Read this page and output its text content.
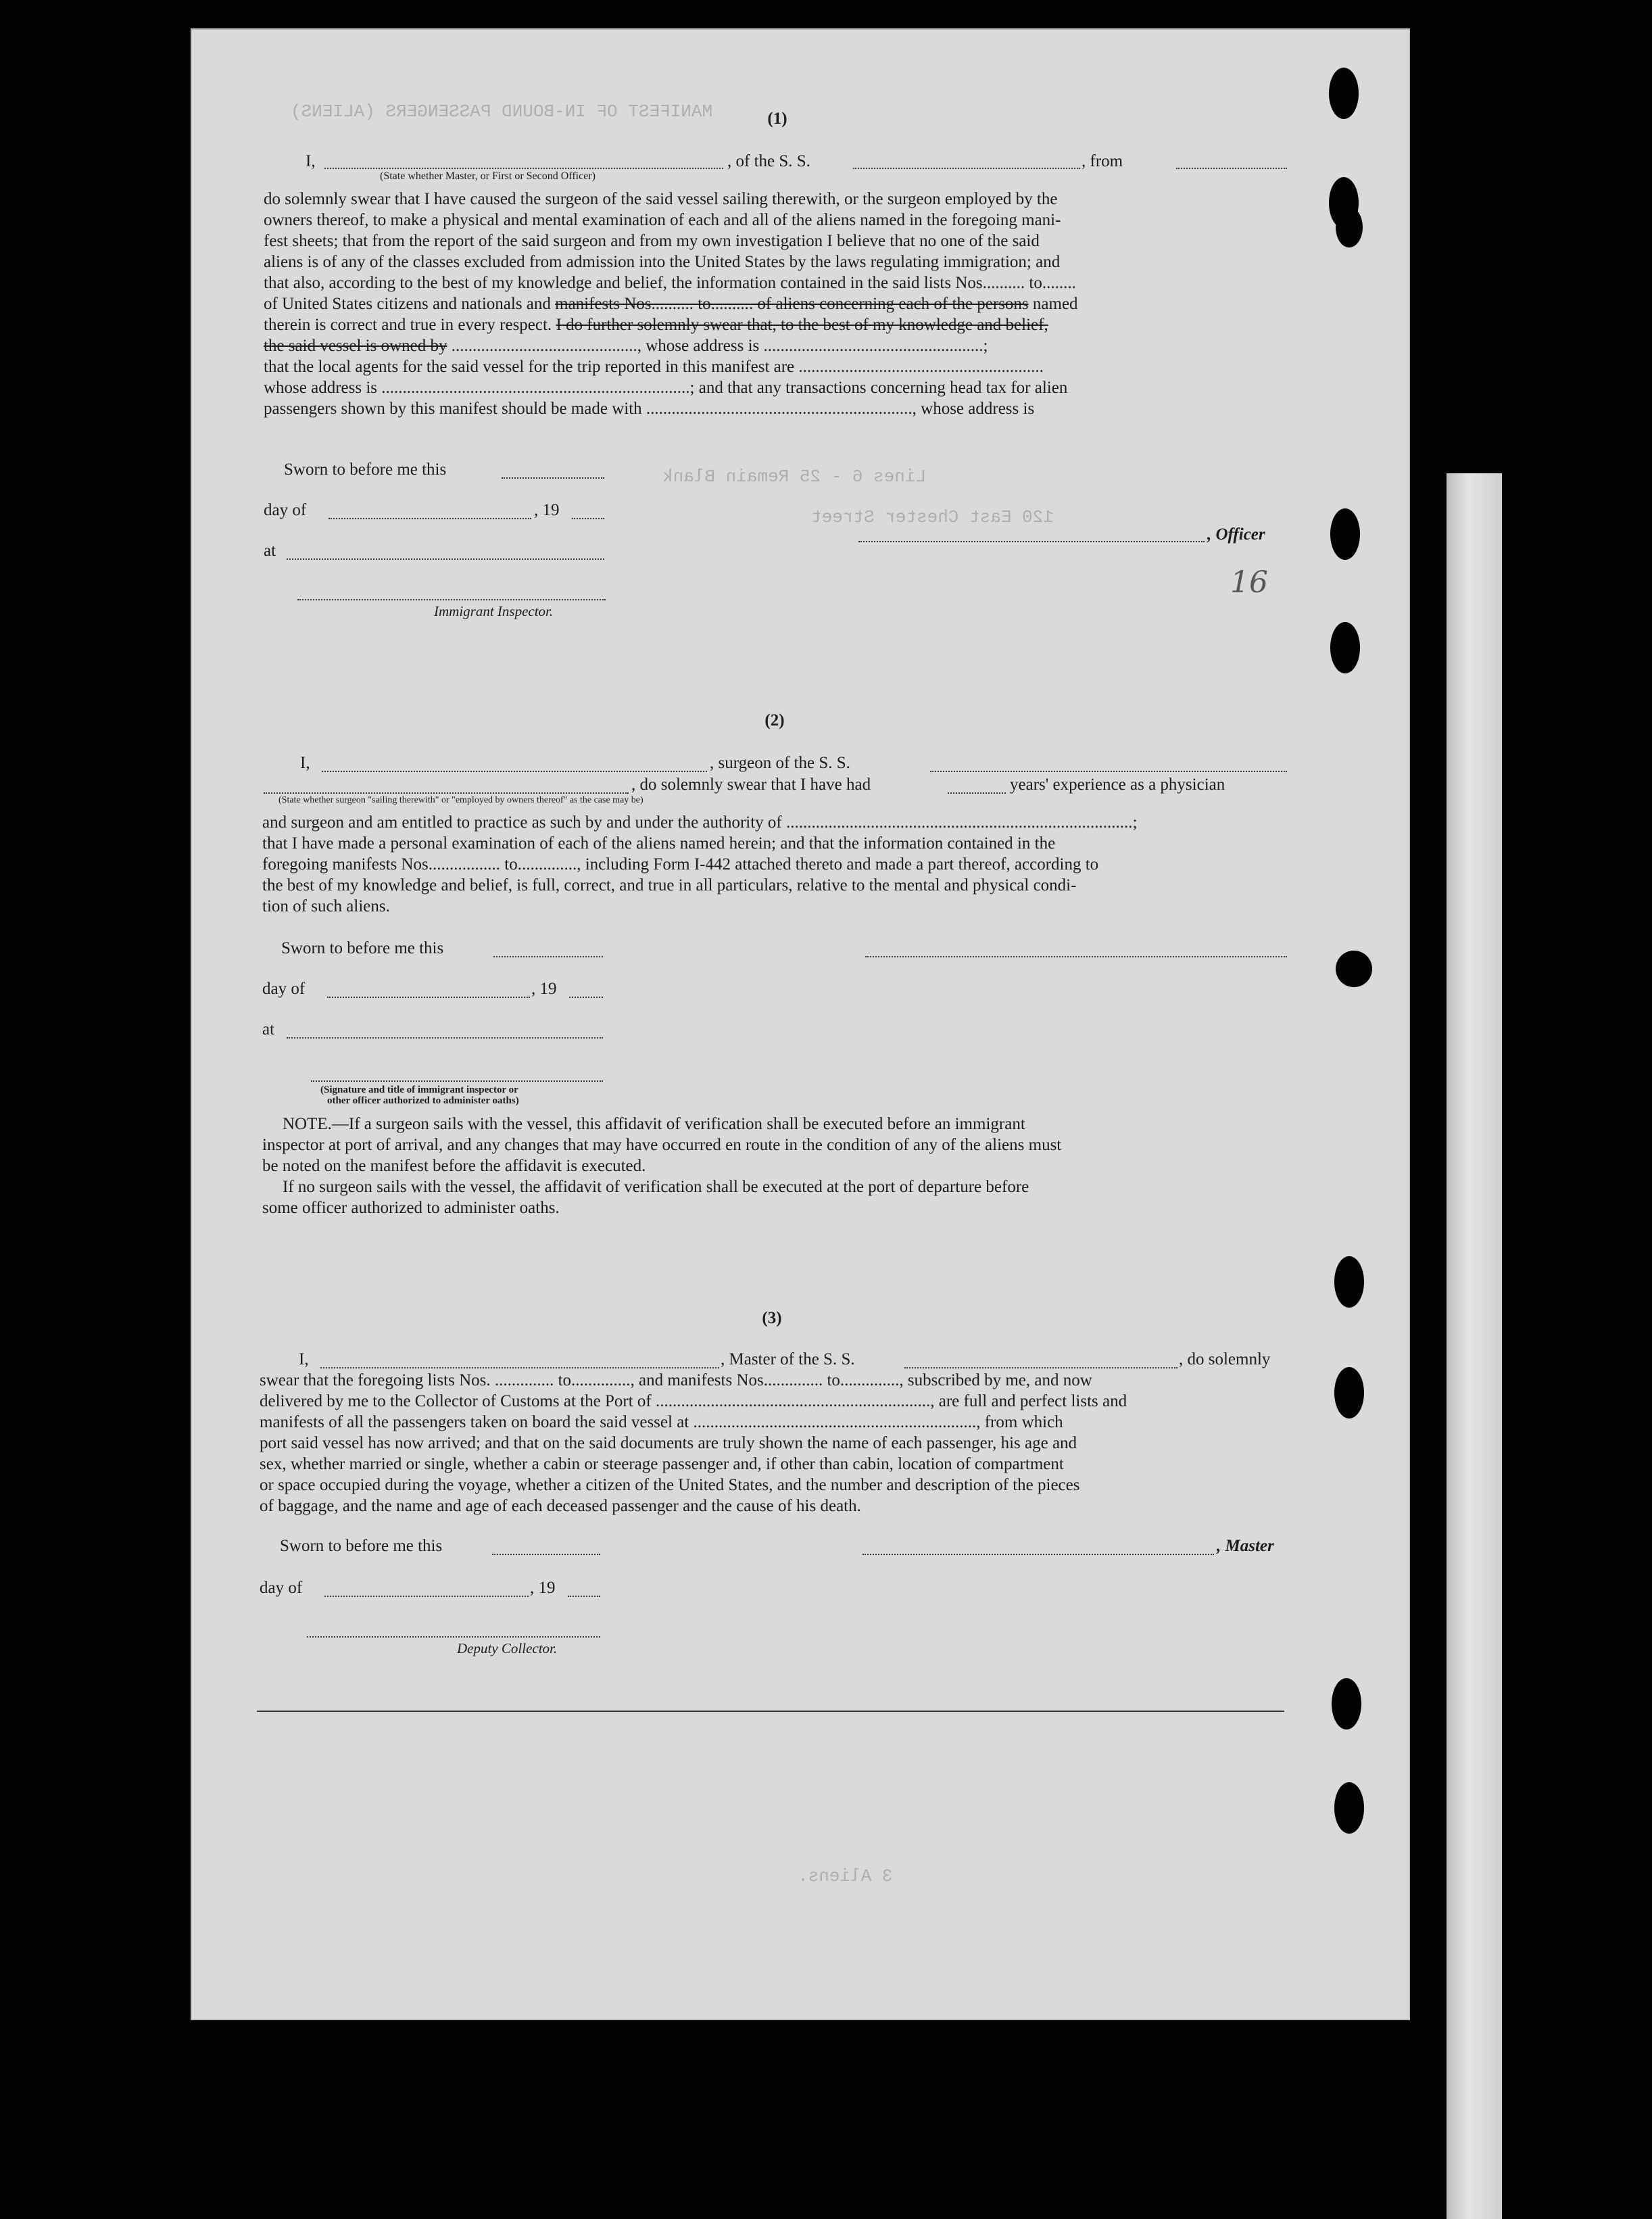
MANIFEST OF IN-BOUND PASSENGERS (ALIENS)
Lines 6 - 25 Remain Blank
120 East Chester Street
3 Aliens.
(1)
I,	, of the S. S.	, from
(State whether Master, or First or Second Officer)
do solemnly swear that I have caused the surgeon of the said vessel sailing therewith, or the surgeon employed by the
owners thereof, to make a physical and mental examination of each and all of the aliens named in the foregoing mani-
fest sheets; that from the report of the said surgeon and from my own investigation I believe that no one of the said
aliens is of any of the classes excluded from admission into the United States by the laws regulating immigration; and
that also, according to the best of my knowledge and belief, the information contained in the said lists Nos.......... to........
of United States citizens and nationals and manifests Nos.......... to.......... of aliens concerning each of the persons named
therein is correct and true in every respect. I do further solemnly swear that, to the best of my knowledge and belief,
the said vessel is owned by ............................................, whose address is ....................................................;
that the local agents for the said vessel for the trip reported in this manifest are ..........................................................
whose address is .........................................................................; and that any transactions concerning head tax for alien
passengers shown by this manifest should be made with ..............................................................., whose address is
Sworn to before me this
day of	, 19
, Officer
at
Immigrant Inspector.
16
(2)
I,	, surgeon of the S. S.
, do solemnly swear that I have had	years' experience as a physician
(State whether surgeon "sailing therewith" or "employed by owners thereof" as the case may be)
and surgeon and am entitled to practice as such by and under the authority of ..................................................................................;
that I have made a personal examination of each of the aliens named herein; and that the information contained in the
foregoing manifests Nos................. to.............., including Form I-442 attached thereto and made a part thereof, according to
the best of my knowledge and belief, is full, correct, and true in all particulars, relative to the mental and physical condi-
tion of such aliens.
Sworn to before me this
day of	, 19
at
(Signature and title of immigrant inspector or
other officer authorized to administer oaths)
NOTE.—If a surgeon sails with the vessel, this affidavit of verification shall be executed before an immigrant
inspector at port of arrival, and any changes that may have occurred en route in the condition of any of the aliens must
be noted on the manifest before the affidavit is executed.
If no surgeon sails with the vessel, the affidavit of verification shall be executed at the port of departure before
some officer authorized to administer oaths.
(3)
I,	, Master of the S. S.	, do solemnly
swear that the foregoing lists Nos. .............. to.............., and manifests Nos.............. to.............., subscribed by me, and now
delivered by me to the Collector of Customs at the Port of ................................................................., are full and perfect lists and
manifests of all the passengers taken on board the said vessel at ..................................................................., from which
port said vessel has now arrived; and that on the said documents are truly shown the name of each passenger, his age and
sex, whether married or single, whether a cabin or steerage passenger and, if other than cabin, location of compartment
or space occupied during the voyage, whether a citizen of the United States, and the number and description of the pieces
of baggage, and the name and age of each deceased passenger and the cause of his death.
Sworn to before me this	, Master
day of	, 19
Deputy Collector.
